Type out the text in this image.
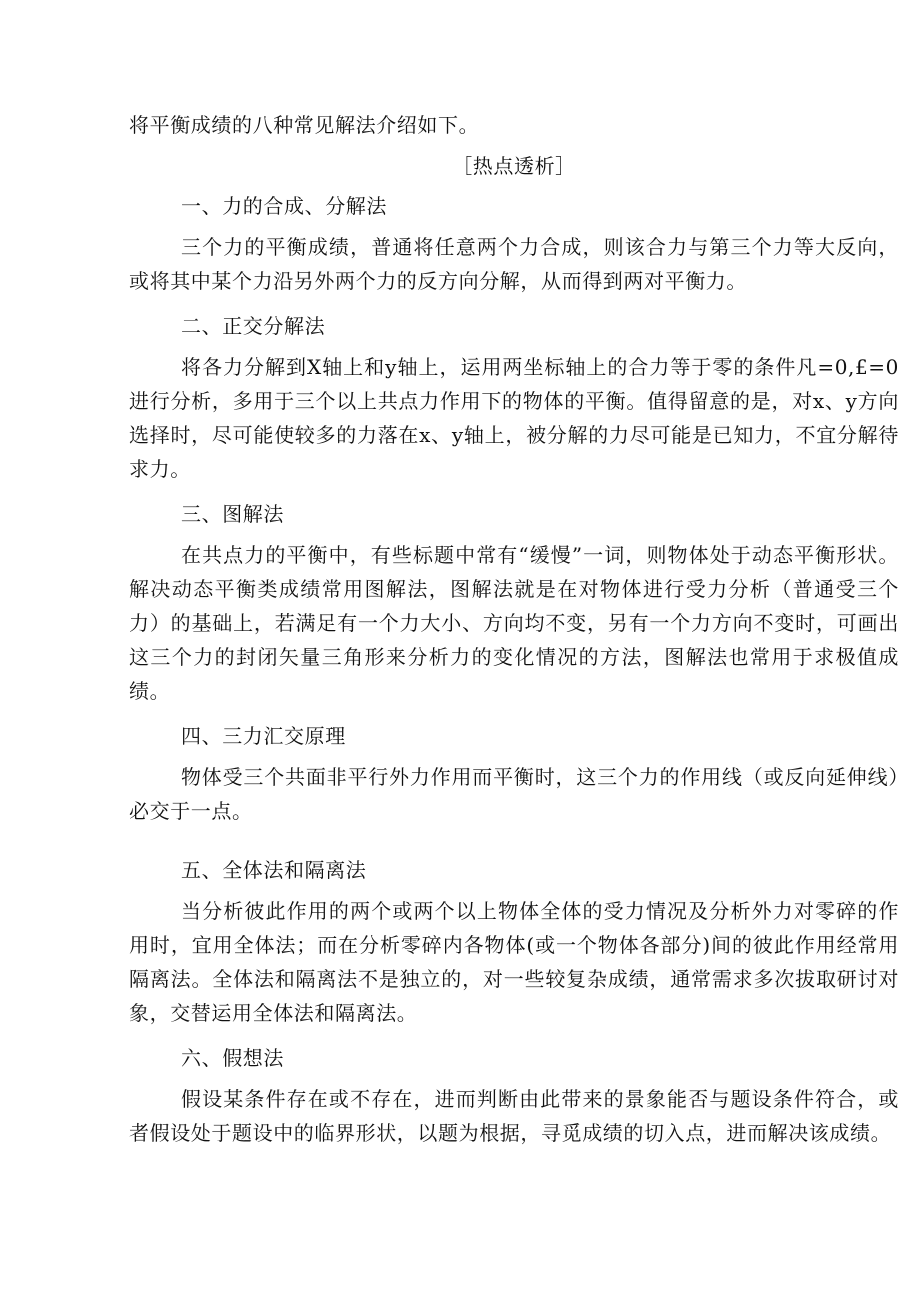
将平衡成绩的八种常见解法介绍如下。

［热点透析］

一、力的合成、分解法

三个力的平衡成绩，普通将任意两个力合成，则该合力与第三个力等大反向，或将其中某个力沿另外两个力的反方向分解，从而得到两对平衡力。

二、正交分解法

将各力分解到X轴上和y轴上，运用两坐标轴上的合力等于零的条件凡=0,£=0进行分析，多用于三个以上共点力作用下的物体的平衡。值得留意的是，对x、y方向选择时，尽可能使较多的力落在x、y轴上，被分解的力尽可能是已知力，不宜分解待求力。

三、图解法

在共点力的平衡中，有些标题中常有“缓慢”一词，则物体处于动态平衡形状。解决动态平衡类成绩常用图解法，图解法就是在对物体进行受力分析（普通受三个力）的基础上，若满足有一个力大小、方向均不变，另有一个力方向不变时，可画出这三个力的封闭矢量三角形来分析力的变化情况的方法，图解法也常用于求极值成绩。

四、三力汇交原理

物体受三个共面非平行外力作用而平衡时，这三个力的作用线（或反向延伸线）必交于一点。

五、全体法和隔离法

当分析彼此作用的两个或两个以上物体全体的受力情况及分析外力对零碎的作用时，宜用全体法；而在分析零碎内各物体(或一个物体各部分)间的彼此作用经常用隔离法。全体法和隔离法不是独立的，对一些较复杂成绩，通常需求多次拔取研讨对象，交替运用全体法和隔离法。

六、假想法

假设某条件存在或不存在，进而判断由此带来的景象能否与题设条件符合，或者假设处于题设中的临界形状，以题为根据，寻觅成绩的切入点，进而解决该成绩。
